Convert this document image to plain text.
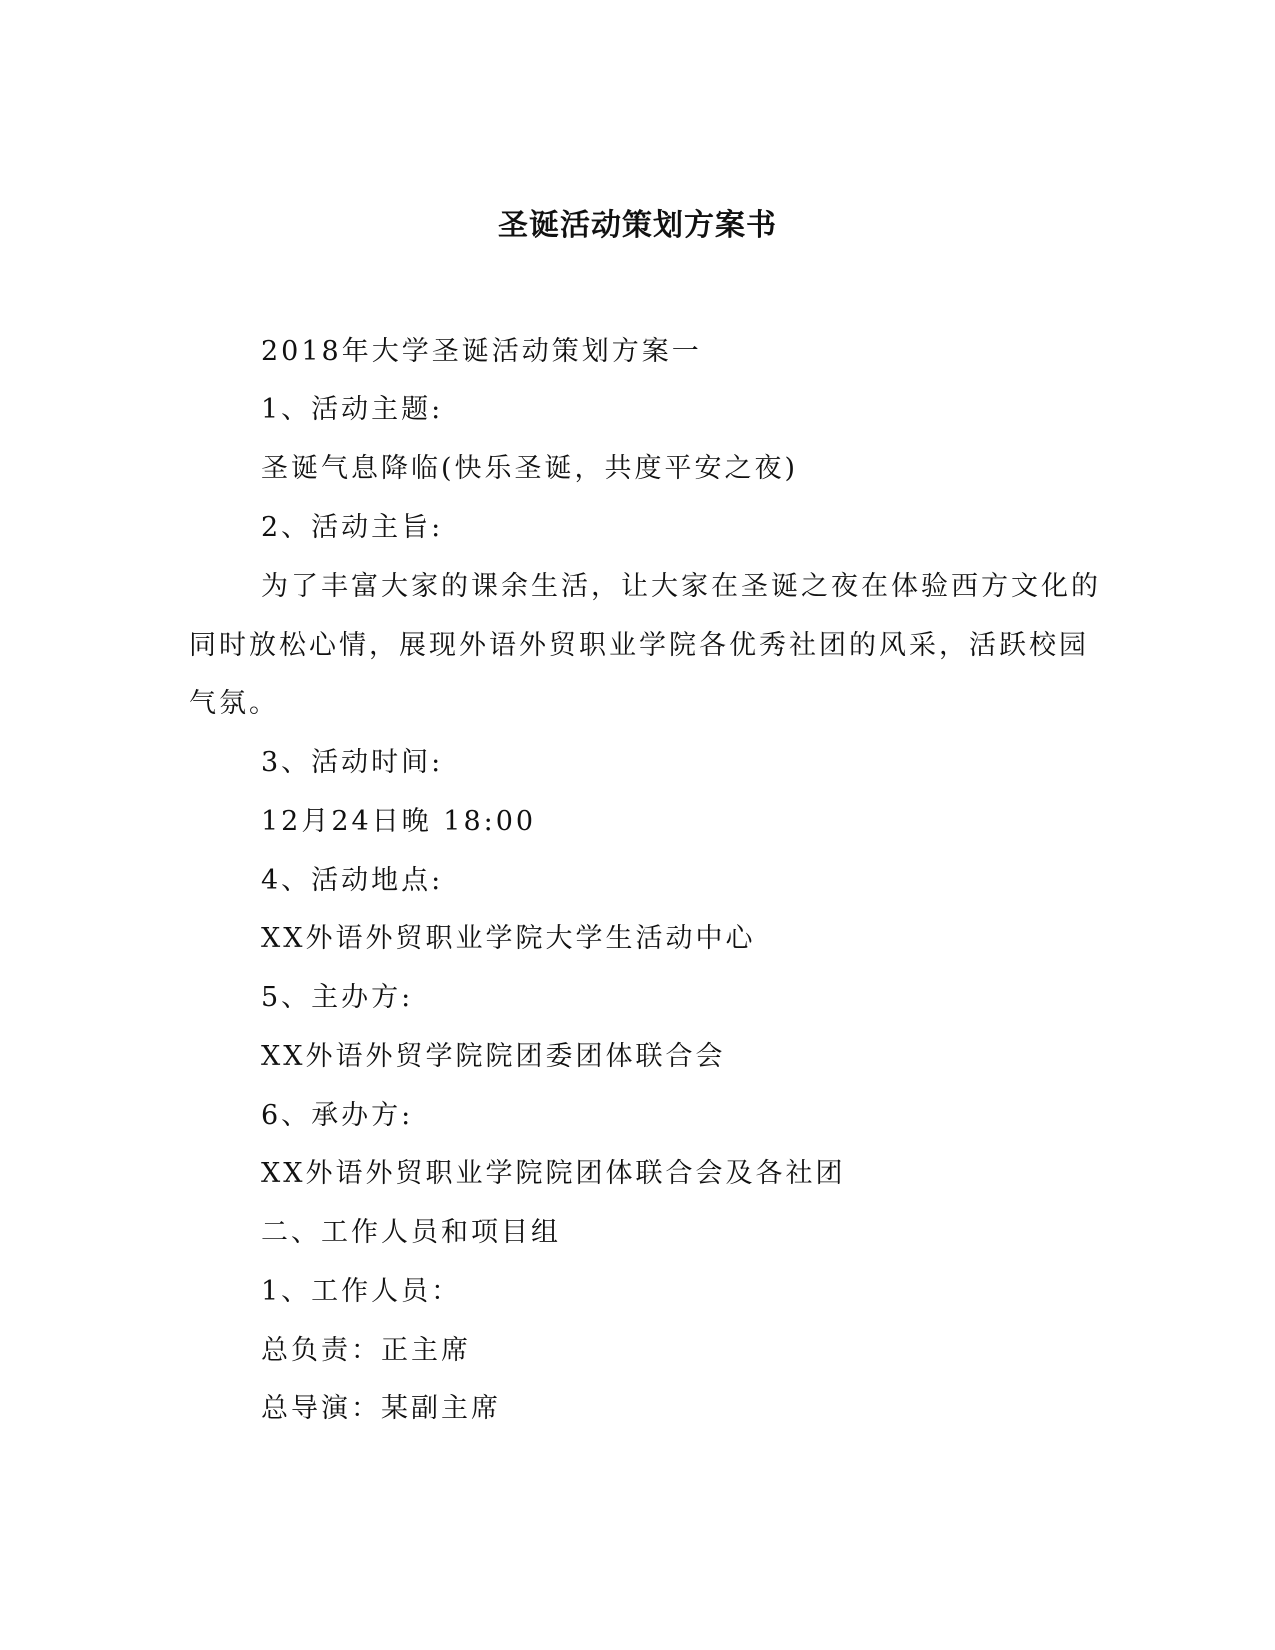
圣诞活动策划方案书
2018年大学圣诞活动策划方案一
1、活动主题:
圣诞气息降临(快乐圣诞，共度平安之夜)
2、活动主旨:
为了丰富大家的课余生活，让大家在圣诞之夜在体验西方文化的
同时放松心情，展现外语外贸职业学院各优秀社团的风采，活跃校园
气氛。
3、活动时间:
12月24日晚 18:00
4、活动地点:
XX外语外贸职业学院大学生活动中心
5、主办方:
XX外语外贸学院院团委团体联合会
6、承办方:
XX外语外贸职业学院院团体联合会及各社团
二、工作人员和项目组
1、工作人员：
总负责：正主席
总导演：某副主席
